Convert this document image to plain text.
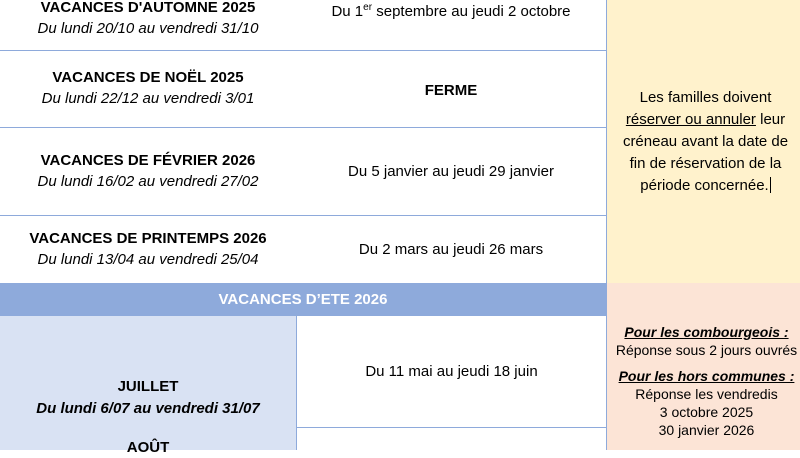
Les familles doivent
réserver ou annuler leur
créneau avant la date de
fin de réservation de la
période concernée.
Pour les combourgeois :
Réponse sous 2 jours ouvrés
Pour les hors communes :
Réponse les vendredis
3 octobre 2025
30 janvier 2026
VACANCES D'AUTOMNE 2025
Du lundi 20/10 au vendredi 31/10
Du 1er septembre au jeudi 2 octobre
VACANCES DE NOËL 2025
Du lundi 22/12 au vendredi 3/01	FERME
VACANCES DE FÉVRIER 2026
Du lundi 16/02 au vendredi 27/02
Du 5 janvier au jeudi 29 janvier
VACANCES DE PRINTEMPS 2026
Du lundi 13/04 au vendredi 25/04
Du 2 mars au jeudi 26 mars
VACANCES D’ETE 2026
JUILLET
Du lundi 6/07 au vendredi 31/07
AOÛT
Du 11 mai au jeudi 18 juin
